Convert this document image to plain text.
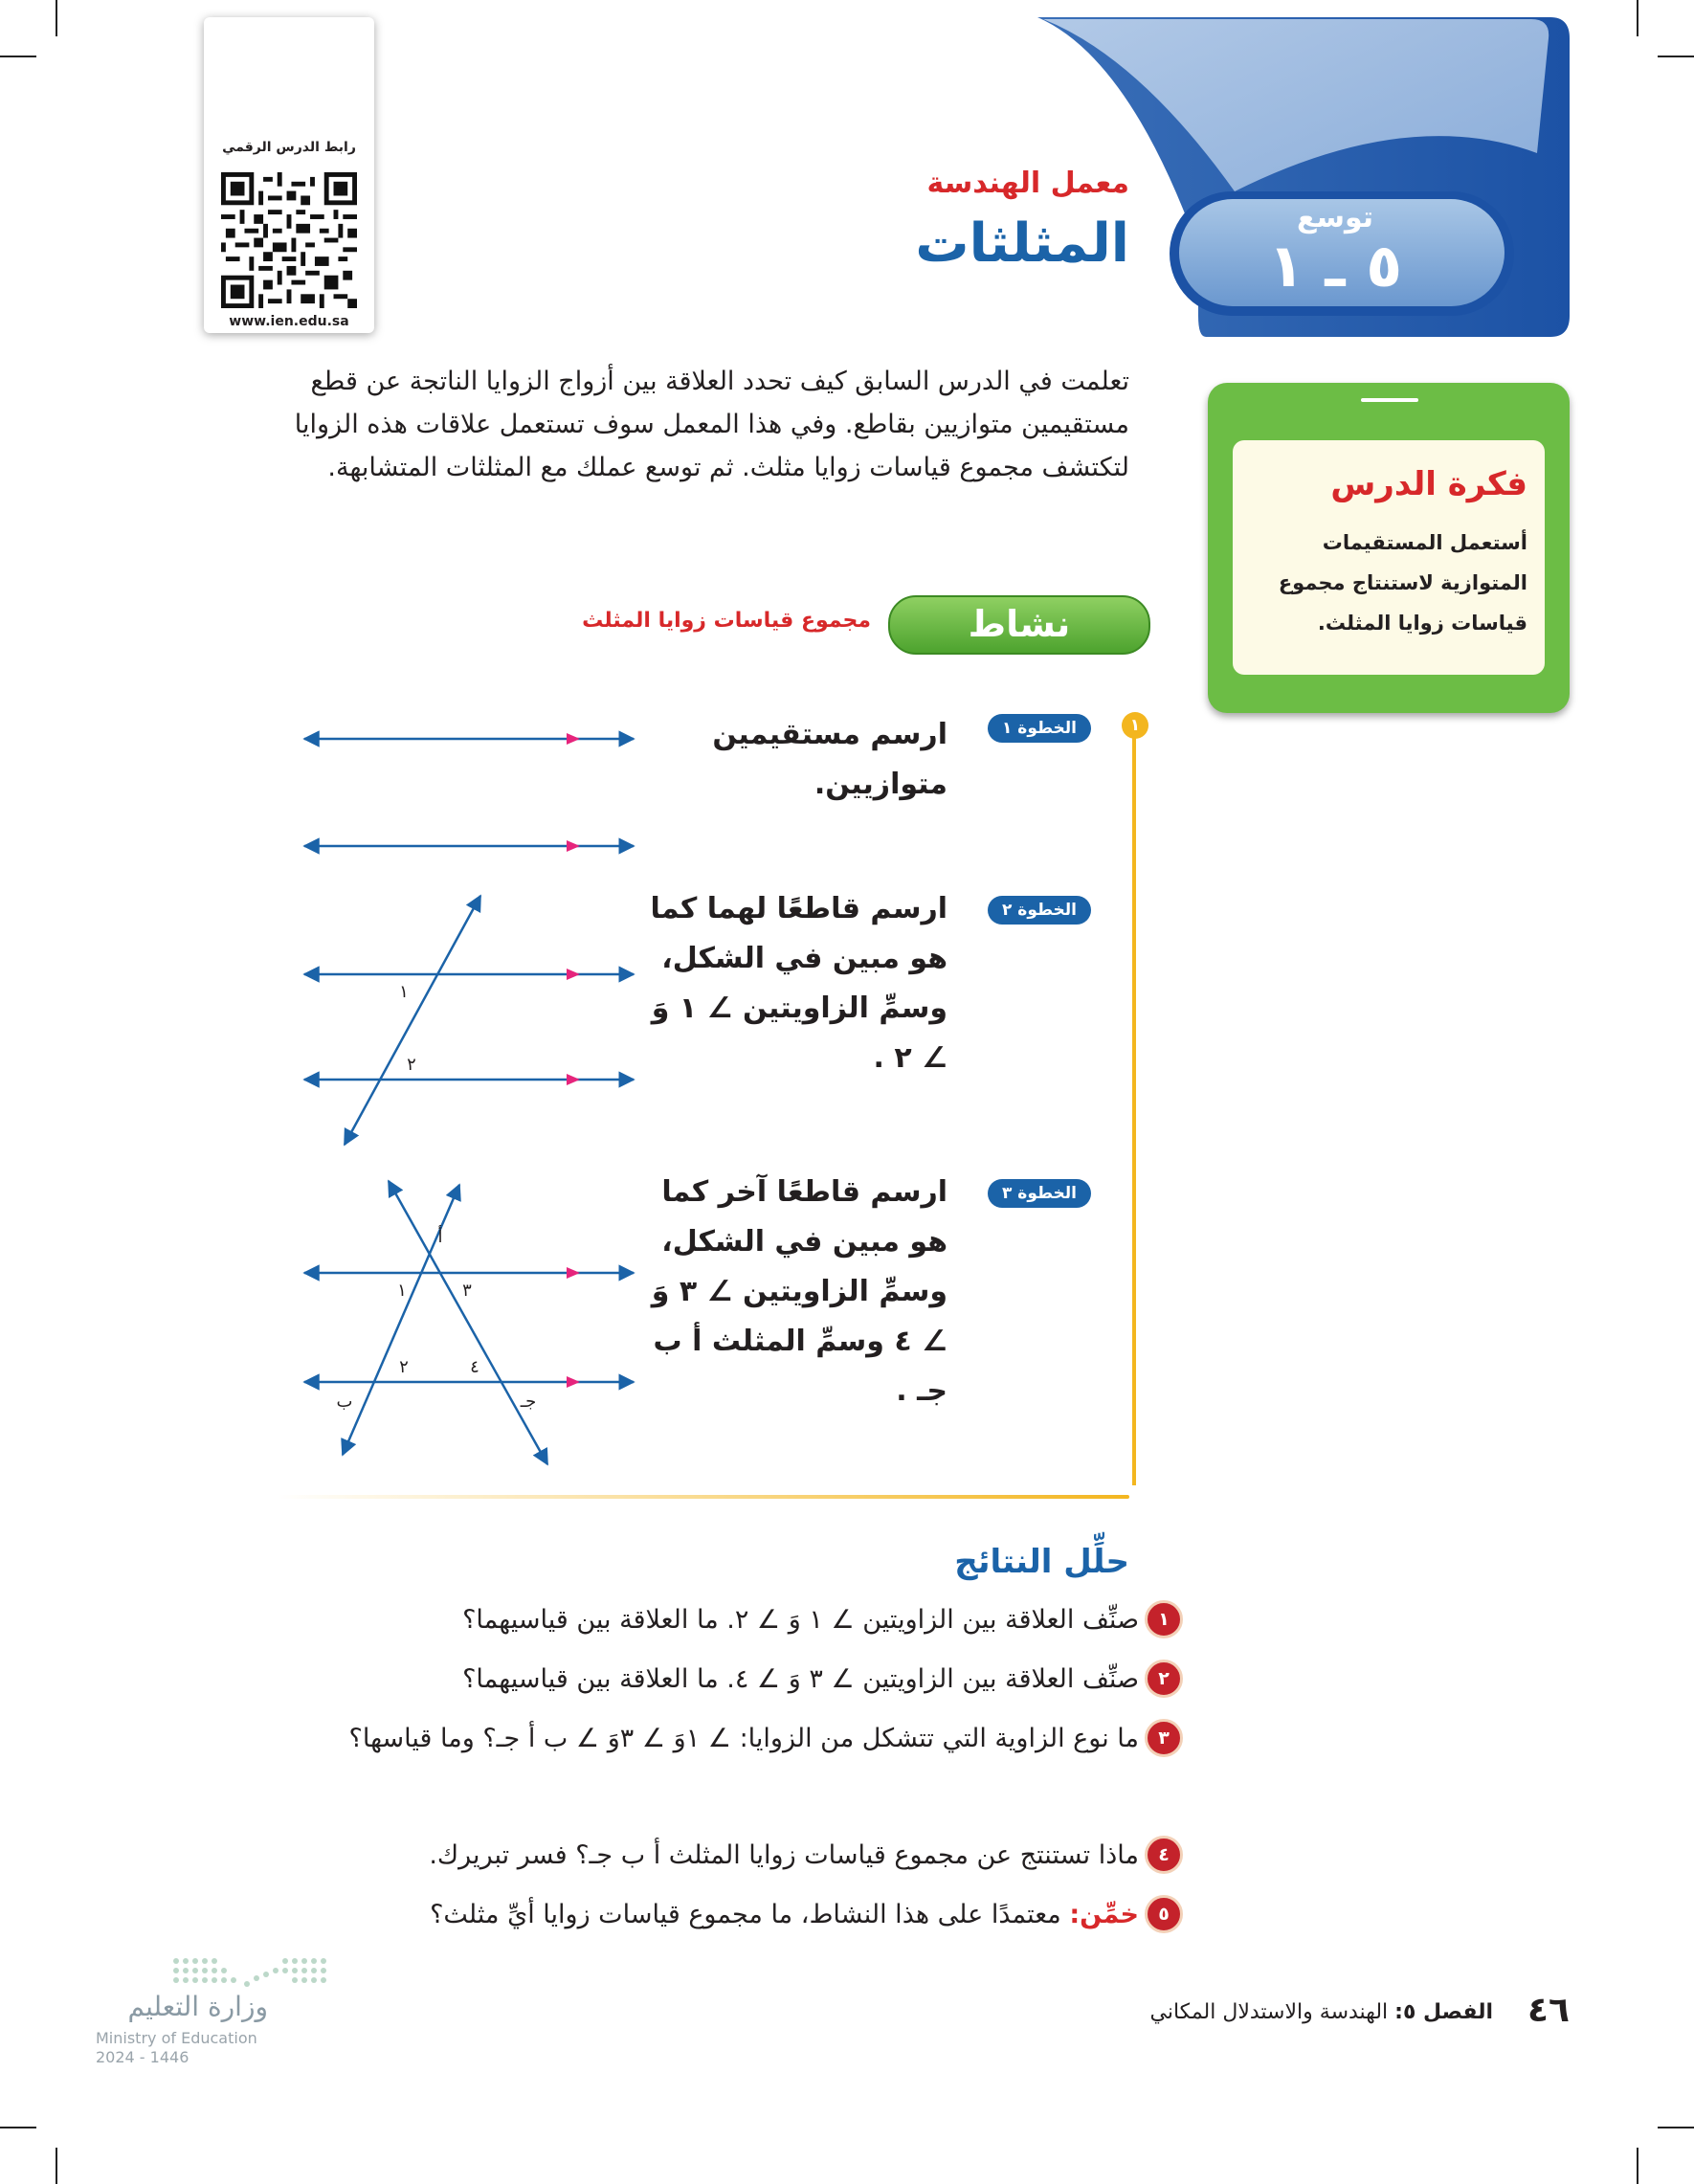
رابط الدرس الرقمي
www.ien.edu.sa
توسع
٥ ـ ١
معمل الهندسة
المثلثات
تعلمت في الدرس السابق كيف تحدد العلاقة بين أزواج الزوايا الناتجة عن قطع مستقيمين متوازيين بقاطع. وفي هذا المعمل سوف تستعمل علاقات هذه الزوايا لتكتشف مجموع قياسات زوايا مثلث. ثم توسع عملك مع المثلثات المتشابهة.	فكرة الدرس
أستعمل المستقيمات المتوازية لاستنتاج مجموع قياسات زوايا المثلث.
نشاط
مجموع قياسات زوايا المثلث
١
الخطوة ١
ارسم مستقيمين متوازيين.
الخطوة ٢
ارسم قاطعًا لهما كما هو مبين في الشكل، وسمِّ الزاويتين ∠ ١ وَ ∠ ٢ .
الخطوة ٣
ارسم قاطعًا آخر كما هو مبين في الشكل، وسمِّ الزاويتين ∠ ٣ وَ ∠ ٤ وسمِّ المثلث أ ب جـ .
١
٢
أ
١	٣
٢	٤
ب	جـ
حلِّل النتائج
١
صنِّف العلاقة بين الزاويتين ∠ ١ وَ ∠ ٢. ما العلاقة بين قياسيهما؟
٢
صنِّف العلاقة بين الزاويتين ∠ ٣ وَ ∠ ٤. ما العلاقة بين قياسيهما؟
٣
ما نوع الزاوية التي تتشكل من الزوايا: ∠ ١وَ ∠ ٣وَ ∠ ب أ جـ؟ وما قياسها؟
٤
ماذا تستنتج عن مجموع قياسات زوايا المثلث أ ب جـ؟ فسر تبريرك.
٥
خمِّن: معتمدًا على هذا النشاط، ما مجموع قياسات زوايا أيِّ مثلث؟
وزارة التعليم
Ministry of Education
2024 - 1446
٤٦
الفصل ٥: الهندسة والاستدلال المكاني
